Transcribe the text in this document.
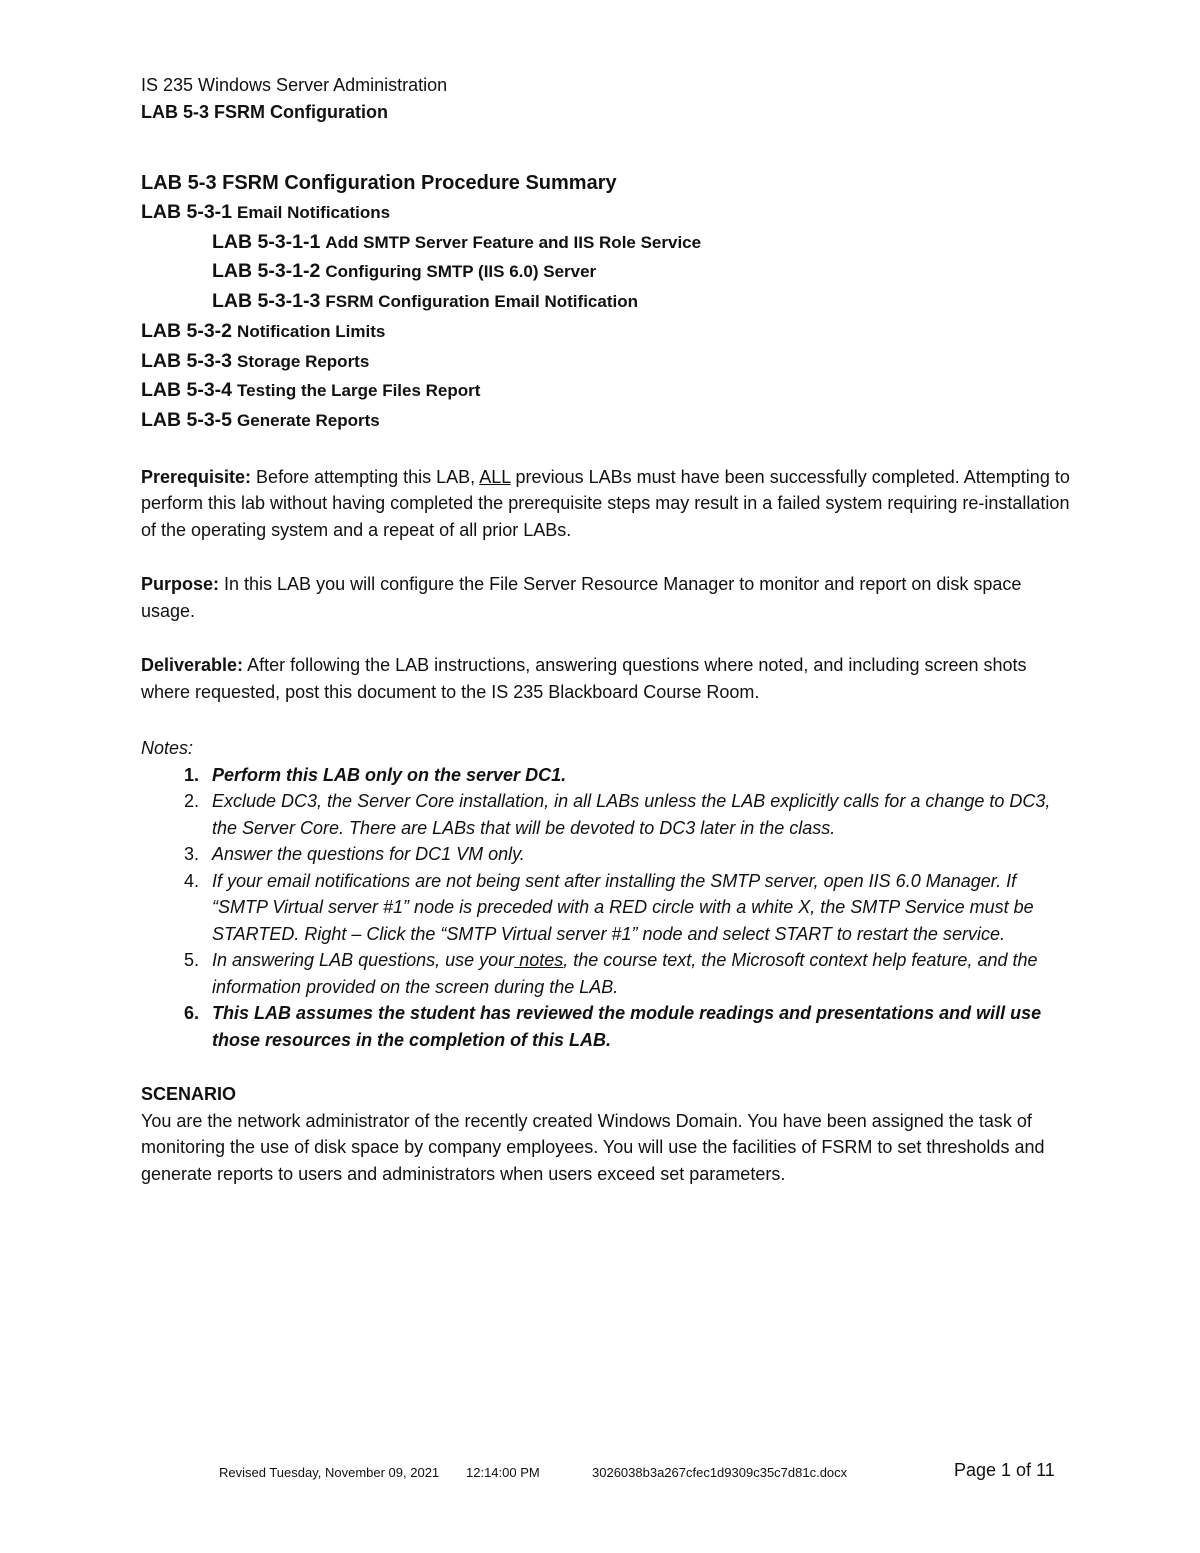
IS 235 Windows Server Administration
LAB 5-3 FSRM Configuration
LAB 5-3 FSRM Configuration Procedure Summary
LAB 5-3-1 Email Notifications
LAB 5-3-1-1 Add SMTP Server Feature and IIS Role Service
LAB 5-3-1-2 Configuring SMTP (IIS 6.0) Server
LAB 5-3-1-3 FSRM Configuration Email Notification
LAB 5-3-2 Notification Limits
LAB 5-3-3 Storage Reports
LAB 5-3-4 Testing the Large Files Report
LAB 5-3-5 Generate Reports
Prerequisite: Before attempting this LAB, ALL previous LABs must have been successfully completed. Attempting to perform this lab without having completed the prerequisite steps may result in a failed system requiring re-installation of the operating system and a repeat of all prior LABs.
Purpose: In this LAB you will configure the File Server Resource Manager to monitor and report on disk space usage.
Deliverable: After following the LAB instructions, answering questions where noted, and including screen shots where requested, post this document to the IS 235 Blackboard Course Room.
Notes:
1. Perform this LAB only on the server DC1.
2. Exclude DC3, the Server Core installation, in all LABs unless the LAB explicitly calls for a change to DC3, the Server Core. There are LABs that will be devoted to DC3 later in the class.
3. Answer the questions for DC1 VM only.
4. If your email notifications are not being sent after installing the SMTP server, open IIS 6.0 Manager. If “SMTP Virtual server #1” node is preceded with a RED circle with a white X, the SMTP Service must be STARTED. Right – Click the “SMTP Virtual server #1” node and select START to restart the service.
5. In answering LAB questions, use your notes, the course text, the Microsoft context help feature, and the information provided on the screen during the LAB.
6. This LAB assumes the student has reviewed the module readings and presentations and will use those resources in the completion of this LAB.
SCENARIO
You are the network administrator of the recently created Windows Domain. You have been assigned the task of monitoring the use of disk space by company employees. You will use the facilities of FSRM to set thresholds and generate reports to users and administrators when users exceed set parameters.
Revised Tuesday, November 09, 2021 12:14:00 PM	3026038b3a267cfec1d9309c35c7d81c.docx	Page 1 of 11
